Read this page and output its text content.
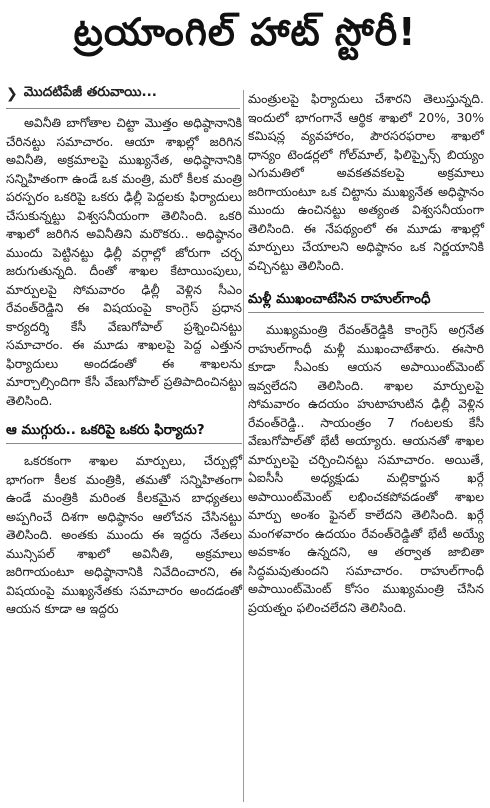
ట్రయాంగిల్ హాట్ స్టోరీ!
❯ మొదటిపేజీ తరువాయి...

అవినీతి బాగోతాల చిట్టా మొత్తం అధిష్ఠానానికి చేరినట్టు సమాచారం. ఆయా శాఖల్లో జరిగిన అవినీతి, అక్రమాలపై ముఖ్యనేత, అధిష్ఠానానికి సన్నిహితంగా ఉండే ఒక మంత్రి, మరో కీలక మంత్రి పరస్పరం ఒకరిపై ఒకరు ఢిల్లీ పెద్దలకు ఫిర్యాదులు చేసుకున్నట్టు విశ్వసనీయంగా తెలిసింది. ఒకరి శాఖలో జరిగిన అవినీతిని మరొకరు.. అధిష్ఠానం ముందు పెట్టినట్టు ఢిల్లీ వర్గాల్లో జోరుగా చర్చ జరుగుతున్నది. దీంతో శాఖల కేటాయింపులు, మార్పులపై సోమవారం ఢిల్లీ వెళ్లిన సీఎం రేవంత్‌రెడ్డిని ఈ విషయంపై కాంగ్రెస్ ప్రధాన కార్యదర్శి కేసీ వేణుగోపాల్ ప్రశ్నించినట్టు సమాచారం. ఈ మూడు శాఖలపై పెద్ద ఎత్తున ఫిర్యాదులు అందడంతో ఈ శాఖలను మార్చాల్సిందిగా కేసీ వేణుగోపాల్ ప్రతిపాదించినట్టు తెలిసింది.

ఆ ముగ్గురు.. ఒకరిపై ఒకరు ఫిర్యాదు?

ఒకరకంగా శాఖల మార్పులు, చేర్పుల్లో భాగంగా కీలక మంత్రికి, తమతో సన్నిహితంగా ఉండే మంత్రికి మరింత కీలకమైన బాధ్యతలు అప్పగించే దిశగా అధిష్ఠానం ఆలోచన చేసినట్టు తెలిసింది. అంతకు ముందు ఈ ఇద్దరు నేతలు మున్సిపల్ శాఖలో అవినీతి, అక్రమాలు జరిగాయంటూ అధిష్ఠానానికి నివేదించారని, ఈ విషయంపై ముఖ్యనేతకు సమాచారం అందడంతో ఆయన కూడా ఆ ఇద్దరు

మంత్రులపై ఫిర్యాదులు చేశారని తెలుస్తున్నది. ఇందులో భాగంగానే ఆర్థిక శాఖలో 20%, 30% కమిషన్ల వ్యవహారం, పౌరసరఫరాల శాఖలో ధాన్యం టెండర్లలో గోల్‌మాల్, ఫిలిప్పైన్స్ బియ్యం ఎగుమతిలో అవకతవకలపై అక్రమాలు జరిగాయంటూ ఒక చిట్టాను ముఖ్యనేత అధిష్ఠానం ముందు ఉంచినట్టు అత్యంత విశ్వసనీయంగా తెలిసింది. ఈ నేపథ్యంలో ఈ మూడు శాఖల్లో మార్పులు చేయాలని అధిష్ఠానం ఒక నిర్ణయానికి వచ్చినట్టు తెలిసింది.

మళ్లీ ముఖంచాటేసిన రాహుల్‌గాంధీ

ముఖ్యమంత్రి రేవంత్‌రెడ్డికి కాంగ్రెస్ అగ్రనేత రాహుల్‌గాంధీ మళ్లీ ముఖంచాటేశారు. ఈసారి కూడా సీఎంకు ఆయన అపాయింట్‌మెంట్ ఇవ్వలేదని తెలిసింది. శాఖల మార్పులపై సోమవారం ఉదయం హుటాహుటిన ఢిల్లీ వెళ్లిన రేవంత్‌రెడ్డి.. సాయంత్రం 7 గంటలకు కేసీ వేణుగోపాల్‌తో భేటీ అయ్యారు. ఆయనతో శాఖల మార్పులపై చర్చించినట్టు సమాచారం. అయితే, ఏఐసీసీ అధ్యక్షుడు మల్లికార్జున ఖర్గే అపాయింట్‌మెంట్ లభించకపోవడంతో శాఖల మార్పు అంశం ఫైనల్ కాలేదని తెలిసింది. ఖర్గే మంగళవారం ఉదయం రేవంత్‌రెడ్డితో భేటీ అయ్యే అవకాశం ఉన్నదని, ఆ తర్వాత జాబితా సిద్ధమవుతుందని సమాచారం. రాహుల్‌గాంధీ అపాయింట్‌మెంట్ కోసం ముఖ్యమంత్రి చేసిన ప్రయత్నం ఫలించలేదని తెలిసింది.
